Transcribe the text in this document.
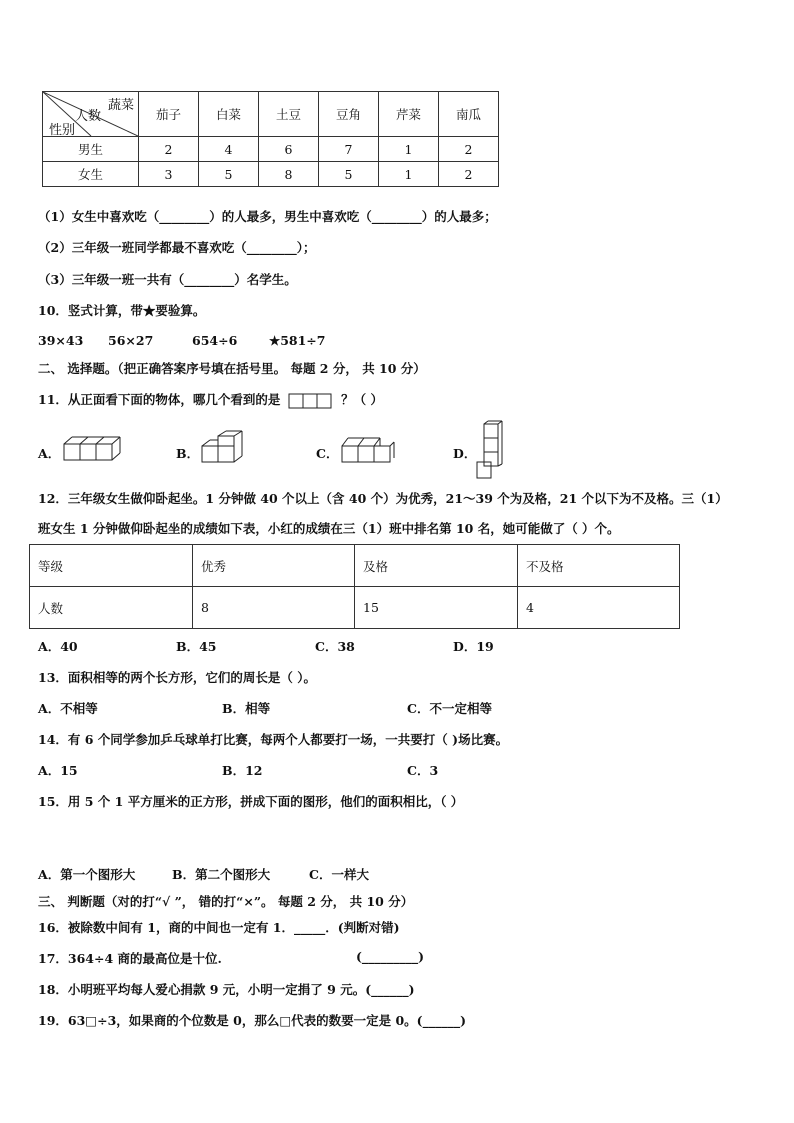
蔬菜
人数
性别	茄子	白菜	土豆	豆角	芹菜	南瓜
男生	2	4	6	7	1	2
女生	3	5	8	5	1	2
（1）女生中喜欢吃（________）的人最多，男生中喜欢吃（________）的人最多；
（2）三年级一班同学都最不喜欢吃（________）；
（3）三年级一班一共有（________）名学生。
10．竖式计算，带★要验算。
39×43 56×27	654÷6	★581÷7
二、 选择题。（把正确答案序号填在括号里。 每题 2 分， 共 10 分）
11．从正面看下面的物体，哪几个看到的是	？（ ）
A．	B．	C．	D．
12．三年级女生做仰卧起坐。1 分钟做 40 个以上（含 40 个）为优秀，21～39 个为及格，21 个以下为不及格。三（1）
班女生 1 分钟做仰卧起坐的成绩如下表，小红的成绩在三（1）班中排名第 10 名，她可能做了（ ）个。
等级	优秀	及格	不及格
人数	8	15	4
A．40	B．45	C．38	D．19
13．面积相等的两个长方形，它们的周长是（ ）。
A．不相等	B．相等	C．不一定相等
14．有 6 个同学参加乒乓球单打比赛，每两个人都要打一场，一共要打（ )场比赛。
A．15	B．12	C．3
15．用 5 个 1 平方厘米的正方形，拼成下面的图形，他们的面积相比，（ ）
A．第一个图形大	B．第二个图形大	C．一样大
三、 判断题（对的打“√ ”， 错的打“×”。 每题 2 分， 共 10 分）
16．被除数中间有 1，商的中间也一定有 1．_____．(判断对错)
17．364÷4 商的最高位是十位.	(_________)
18．小明班平均每人爱心捐款 9 元，小明一定捐了 9 元。(______)
19．63□÷3，如果商的个位数是 0，那么□代表的数要一定是 0。(______)
